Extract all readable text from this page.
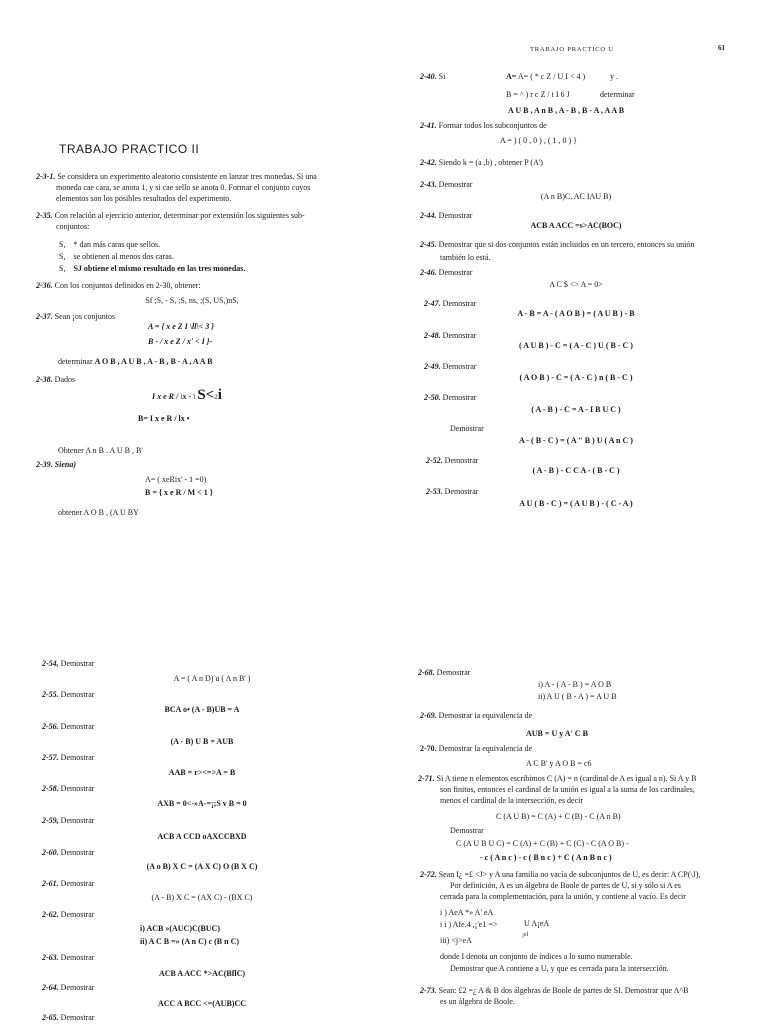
TRABAJO PRACTICO II
2-3-1. Se considera un experimento aleatorio consistente en lanzar tres monedas. Si una
moneda cae cara, se anota 1, y si cae sello se anota 0. Formar el conjunto cuyos
elementos son los posibles resultados del experimento.
2-35. Con relación al ejercicio anterior, determinar por extensión los siguientes sub-
conjuntos:
S, * dan más caras que sellos.
S, se obtienen al menos dos caras.
S, SJ obtiene el mismo resultado en las tres monedas.
2-36. Con los conjuntos definidos en 2-30, obtener:
Sf ;S, - S, ;S, ns, ;(S, US,)nS,
2-37. Sean ¡os conjuntos
A = { x e Z I \ll\< 3 }
B - / x e Z / x' < I }-
determinar A O B , A U B , A - B , B - A , A A B
2-38. Dados
I x e R / \x - \ S<2i
B= I x e R / lx •
Obtener A n B . A U B , B'
2-39. Siena)
A= ( xeRix' - 1 =0)
B = { x e R / M < 1 }
TRABAJO PRACTICO U	61
2-40. Si	A= A= ( * c Z / U I < 4 )	y .
B = ^ ) r c Z / t I 6 J	determinar
A U B , A n B , A - B , B - A , A A B
2-41. Formar todos los subconjuntos de
A = ) ( 0 , 0 ) , ( 1 , 0 ) }
2-42. Siendo k = (a ,b) , obtener P (A')
2-43. Demostrar
(A n B)C. AC IAU B)
2-44. Demostrar
ACB A ACC =s>AC(BOC)
2-45. Demostrar que si dos conjuntos están incluidos en un tercero, entonces su unión
también lo está.
2-46. Demostrar
A C $ <> A = 0>
2-47. Demostrar
A - B = A - ( A O B ) = ( A U B ) - B
2-48. Demostrar
( A U B ) - C = ( A - C ) U ( B - C )
2-49. Demostrar
( A O B ) - C = ( A - C ) n ( B - C )
2-50. Demostrar
( A - B ) - C = A - I B U C )
Demostrar
A - ( B - C ) = ( A " B ) U ( A n C )
2-52. Demostrar
( A - B ) - C C A - ( B - C )
2-53. Demostrar
A U ( B - C ) = ( A U B ) - ( C - A )
obtener A O B , (A U BY
2-54, Demostrar
A = ( A n D) u ( A n B' )
2-55. Demostrar
BCA o• (A - B)UB = A
2-56. Demostrar
(A - B) U B = AUB
2-57. Demostrar
AAB = r><=>A = B
2-58. Demostrar
AXB = 0<-»A-=¡;S v B = 0
2-59, Demostrar
ACB A CCD oAXCCBXD
2-60. Demostrar
(A o B) X C = (A X C) O (B X C)
2-61. Demostrar
(A - B) X C = (AX C) - (BX C)
2-62. Demostrar
i) ACB »(AUC)C(BUC)
ii) A C B =» (A n C) c (B n C)
2-63. Demostrar
ACB A ACC *>AC(BflC)
2-64. Demostrar
ACC A BCC <=(AUB)CC
2-65. Demostrar
2-68. Demostrar
i) A - ( A - B ) = A O B
ii) A U ( B - A ) = A U B
2-69. Demostrar ia equivalencia de
AUB = U y A' C B
2-70. Demostrar la equivalencia de
A C B' y A O B = c6
2-71. Si A tiene n elementos escribimos C (A) = n (cardinal de A es igual a n). Si A y B
son finitos, entonces el cardinal de la unión es igual a la suma de los cardinales,
menos el cardinal de la intersección, es decir
C (A U B) = C (A) + C (B) - C (A n B)
Demostrar
C (A U B U C) = C (A) + C (B) + C (C) - C (A O B) -
- c ( A n c ) - c ( B n c ) + C ( A n B n c )
2-72. Sean I¿ =£ <J> y A una familia no vacía de subconjuntos de U, es decir: A CP(\J),
Por definición, A es un álgebra de Boole de partes de U, si y sólo si A es
cerrada para la complementación, para la unión, y contiene al vacío. Es decir
i ) AeA *» A' eA
i i ) Afe.4 ,¡'e1 =>	U A¡eA
¡el
iii) <j>eA
donde I denota un conjunto de índices a lo sumo numerable.
Demostrar que A contiene a U, y que es cerrada para la intersección.
2-73. Sean: £2 =¿ A & B dos álgebras de Boole de partes de SI. Demostrar que A^B
es un álgebra de Boole.
